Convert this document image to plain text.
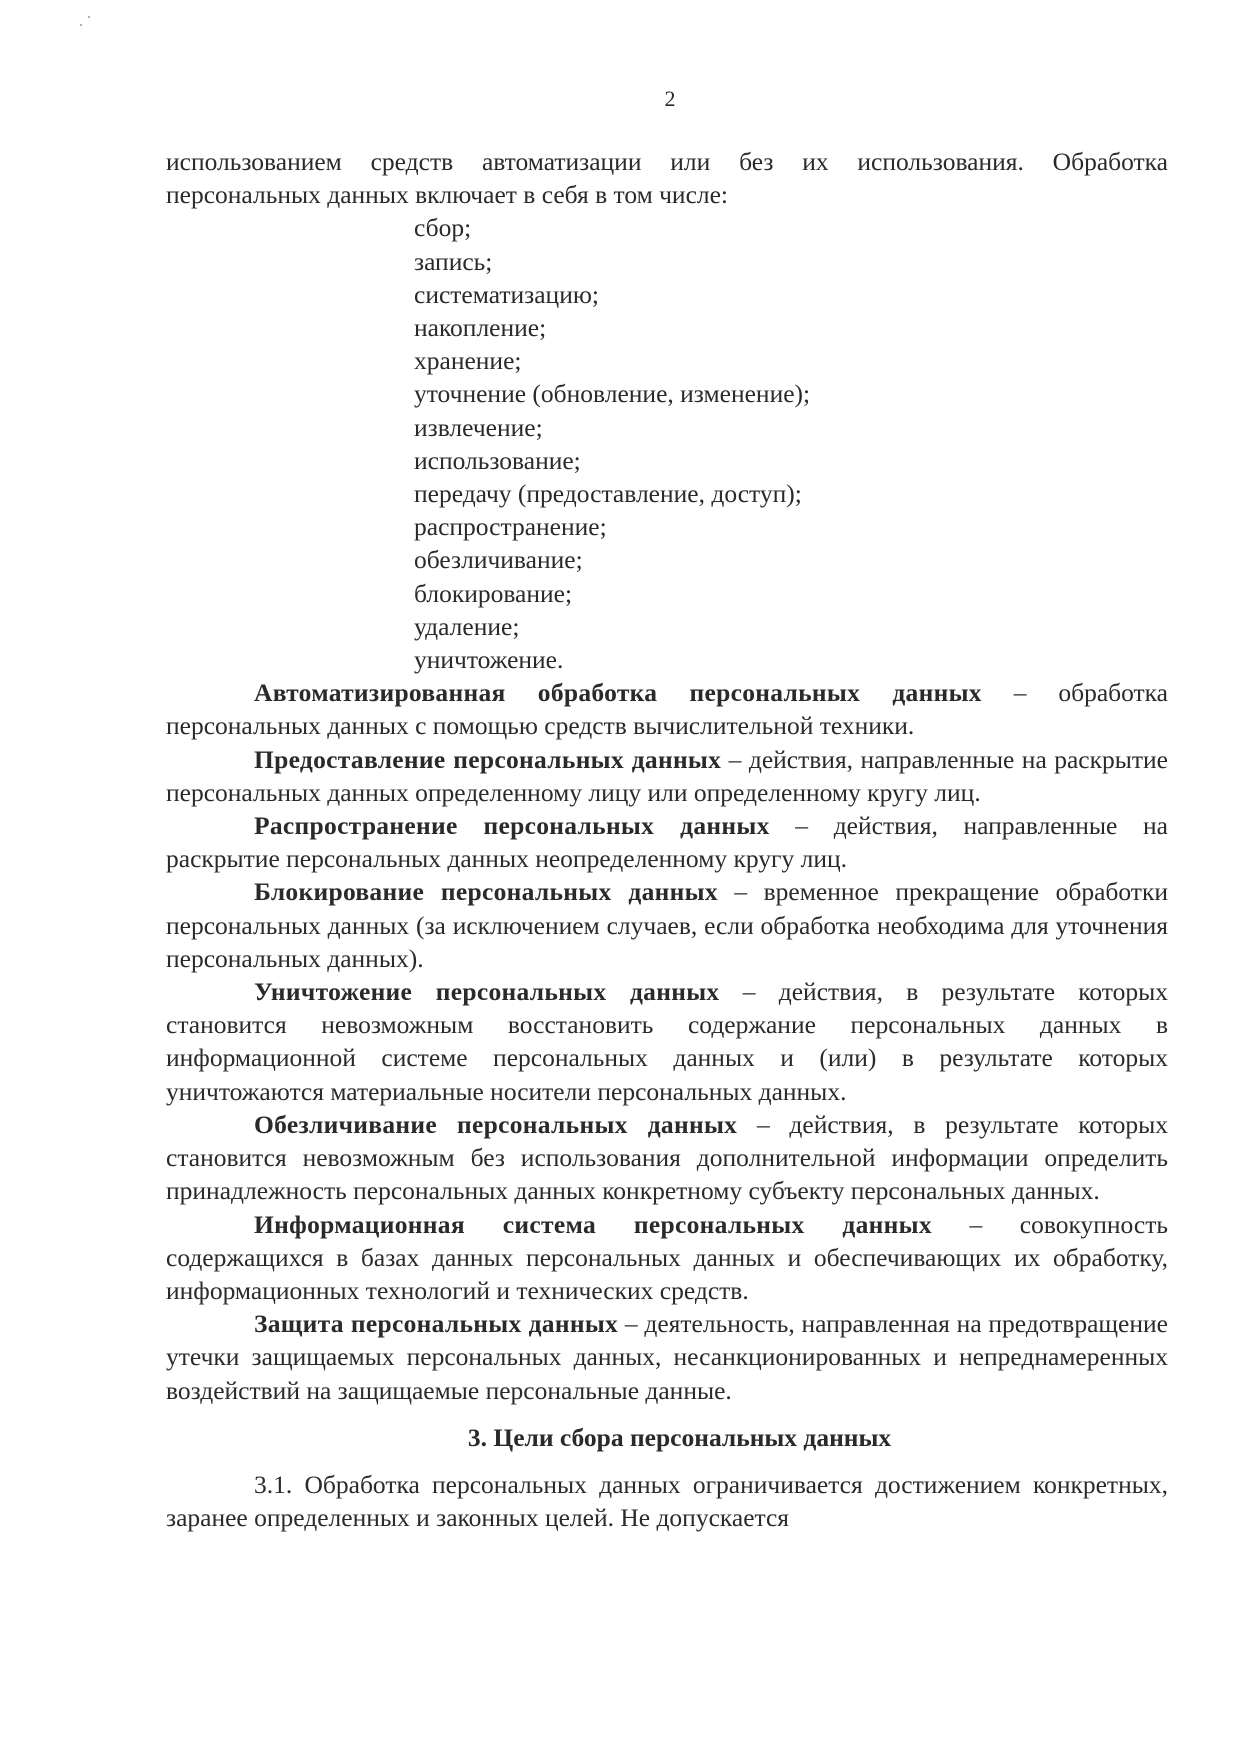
2

использованием средств автоматизации или без их использования. Обработка персональных данных включает в себя в том числе:

сбор;
запись;
систематизацию;
накопление;
хранение;
уточнение (обновление, изменение);
извлечение;
использование;
передачу (предоставление, доступ);
распространение;
обезличивание;
блокирование;
удаление;
уничтожение.

Автоматизированная обработка персональных данных – обработка персональных данных с помощью средств вычислительной техники.

Предоставление персональных данных – действия, направленные на раскрытие персональных данных определенному лицу или определенному кругу лиц.

Распространение персональных данных – действия, направленные на раскрытие персональных данных неопределенному кругу лиц.

Блокирование персональных данных – временное прекращение обработки персональных данных (за исключением случаев, если обработка необходима для уточнения персональных данных).

Уничтожение персональных данных – действия, в результате которых становится невозможным восстановить содержание персональных данных в информационной системе персональных данных и (или) в результате которых уничтожаются материальные носители персональных данных.

Обезличивание персональных данных – действия, в результате которых становится невозможным без использования дополнительной информации определить принадлежность персональных данных конкретному субъекту персональных данных.

Информационная система персональных данных – совокупность содержащихся в базах данных персональных данных и обеспечивающих их обработку, информационных технологий и технических средств.

Защита персональных данных – деятельность, направленная на предотвращение утечки защищаемых персональных данных, несанкционированных и непреднамеренных воздействий на защищаемые персональные данные.

3. Цели сбора персональных данных

3.1. Обработка персональных данных ограничивается достижением конкретных, заранее определенных и законных целей. Не допускается
